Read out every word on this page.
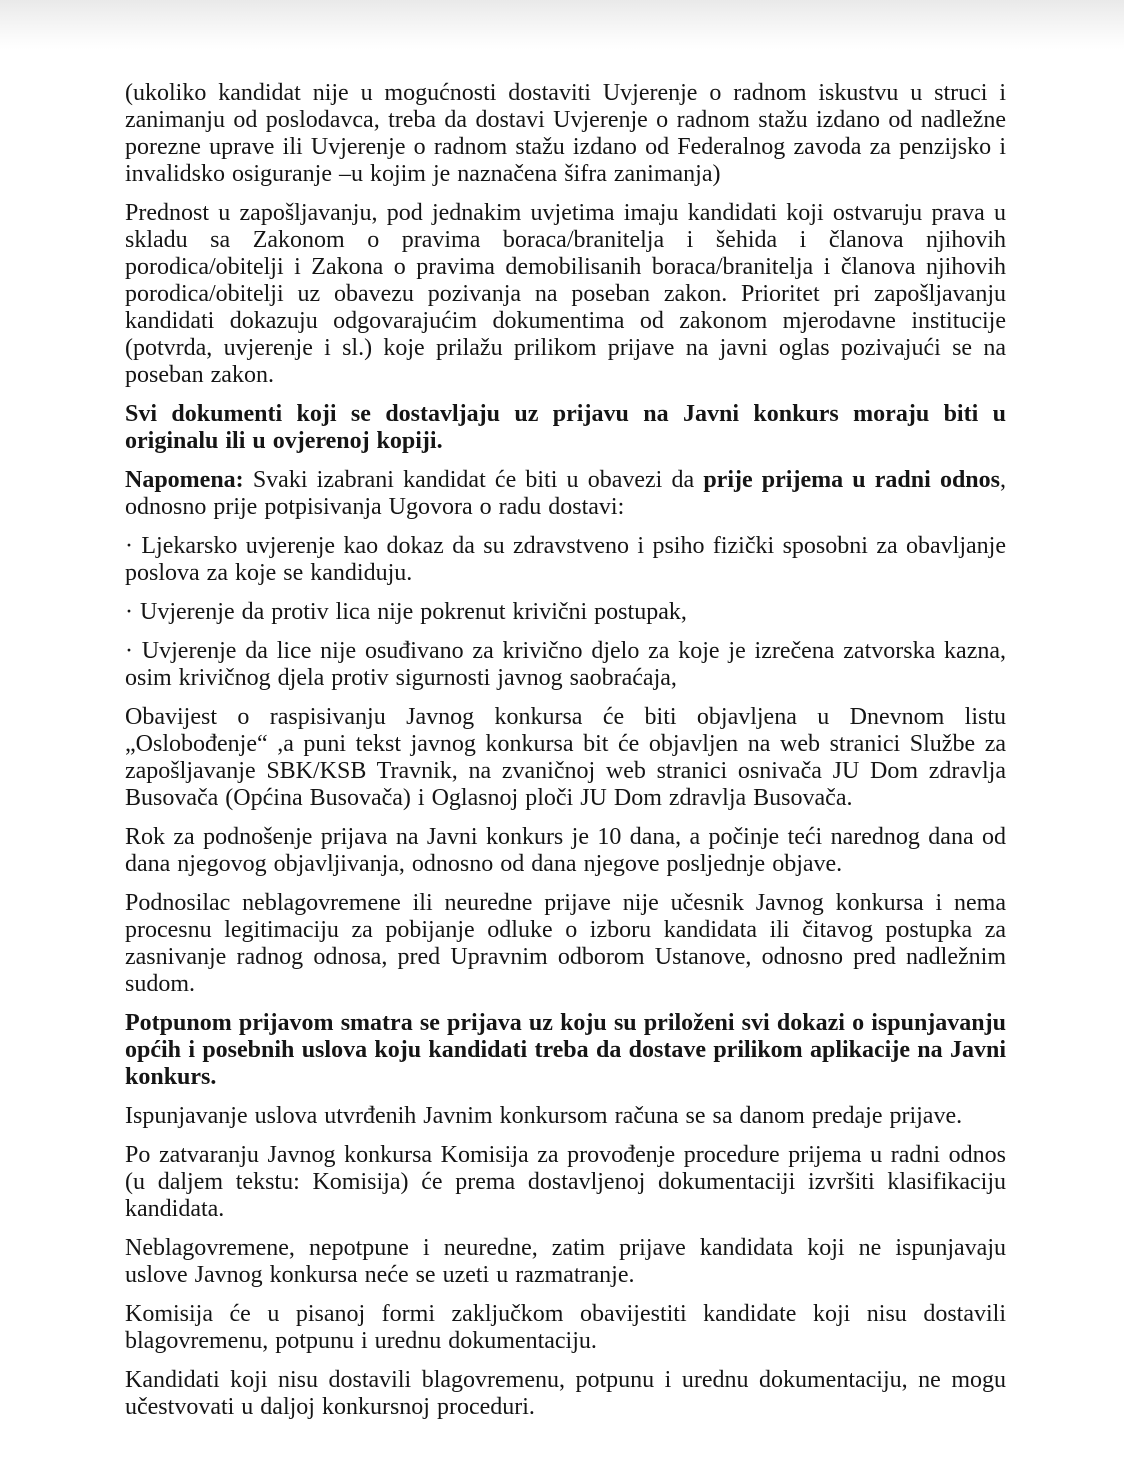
(ukoliko kandidat nije u mogućnosti dostaviti Uvjerenje o radnom iskustvu u struci i zanimanju od poslodavca, treba da dostavi Uvjerenje o radnom stažu izdano od nadležne porezne uprave ili Uvjerenje o radnom stažu izdano od Federalnog zavoda za penzijsko i invalidsko osiguranje –u kojim je naznačena šifra zanimanja)

Prednost u zapošljavanju, pod jednakim uvjetima imaju kandidati koji ostvaruju prava u skladu sa Zakonom o pravima boraca/branitelja i šehida i članova njihovih porodica/obitelji i Zakona o pravima demobilisanih boraca/branitelja i članova njihovih porodica/obitelji uz obavezu pozivanja na poseban zakon. Prioritet pri zapošljavanju kandidati dokazuju odgovarajućim dokumentima od zakonom mjerodavne institucije (potvrda, uvjerenje i sl.) koje prilažu prilikom prijave na javni oglas pozivajući se na poseban zakon.

Svi dokumenti koji se dostavljaju uz prijavu na Javni konkurs moraju biti u originalu ili u ovjerenoj kopiji.

Napomena: Svaki izabrani kandidat će biti u obavezi da prije prijema u radni odnos, odnosno prije potpisivanja Ugovora o radu dostavi:

· Ljekarsko uvjerenje kao dokaz da su zdravstveno i psiho fizički sposobni za obavljanje poslova za koje se kandiduju.

· Uvjerenje da protiv lica nije pokrenut krivični postupak,

· Uvjerenje da lice nije osuđivano za krivično djelo za koje je izrečena zatvorska kazna, osim krivičnog djela protiv sigurnosti javnog saobraćaja,

Obavijest o raspisivanju Javnog konkursa će biti objavljena u Dnevnom listu „Oslobođenje“ ,a puni tekst javnog konkursa bit će objavljen na web stranici Službe za zapošljavanje SBK/KSB Travnik, na zvaničnoj web stranici osnivača JU Dom zdravlja Busovača (Općina Busovača) i Oglasnoj ploči JU Dom zdravlja Busovača.

Rok za podnošenje prijava na Javni konkurs je 10 dana, a počinje teći narednog dana od dana njegovog objavljivanja, odnosno od dana njegove posljednje objave.

Podnosilac neblagovremene ili neuredne prijave nije učesnik Javnog konkursa i nema procesnu legitimaciju za pobijanje odluke o izboru kandidata ili čitavog postupka za zasnivanje radnog odnosa, pred Upravnim odborom Ustanove, odnosno pred nadležnim sudom.

Potpunom prijavom smatra se prijava uz koju su priloženi svi dokazi o ispunjavanju općih i posebnih uslova koju kandidati treba da dostave prilikom aplikacije na Javni konkurs.

Ispunjavanje uslova utvrđenih Javnim konkursom računa se sa danom predaje prijave.

Po zatvaranju Javnog konkursa Komisija za provođenje procedure prijema u radni odnos (u daljem tekstu: Komisija) će prema dostavljenoj dokumentaciji izvršiti klasifikaciju kandidata.

Neblagovremene, nepotpune i neuredne, zatim prijave kandidata koji ne ispunjavaju uslove Javnog konkursa neće se uzeti u razmatranje.

Komisija će u pisanoj formi zaključkom obavijestiti kandidate koji nisu dostavili blagovremenu, potpunu i urednu dokumentaciju.

Kandidati koji nisu dostavili blagovremenu, potpunu i urednu dokumentaciju, ne mogu učestvovati u daljoj konkursnoj proceduri.
